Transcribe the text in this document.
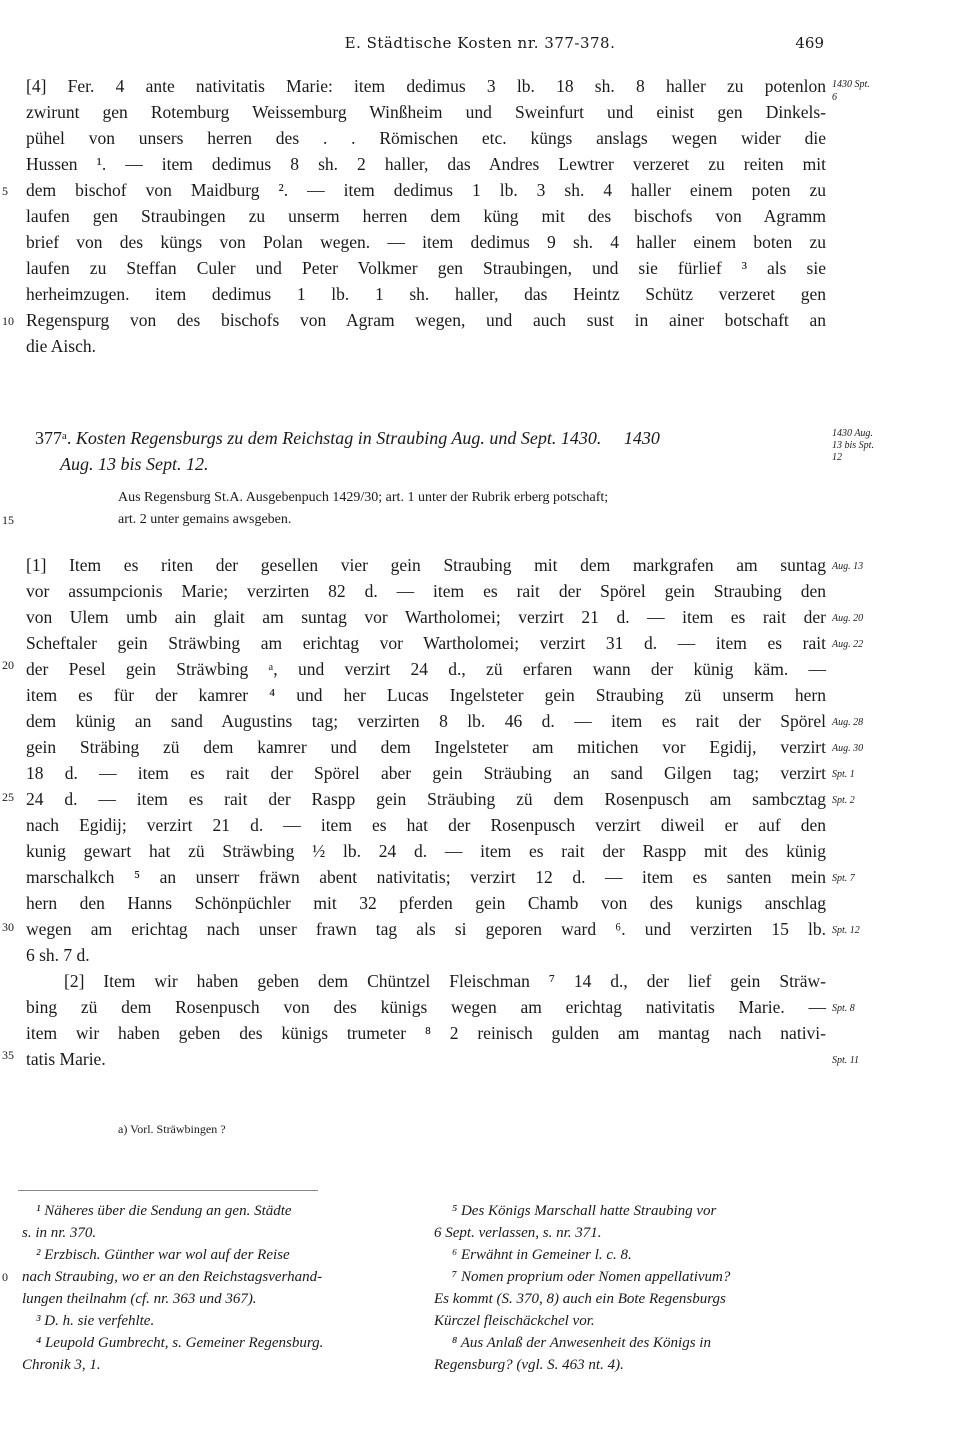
E. Städtische Kosten nr. 377-378.	469
[4] Fer. 4 ante nativitatis Marie: item dedimus 3 lb. 18 sh. 8 haller zu potenlon
zwirunt gen Rotemburg Weissemburg Winßheim und Sweinfurt und einist gen Dinkels-
pühel von unsers herren des . . Römischen etc. küngs anslags wegen wider die
Hussen ¹. — item dedimus 8 sh. 2 haller, das Andres Lewtrer verzeret zu reiten mit
dem bischof von Maidburg ². — item dedimus 1 lb. 3 sh. 4 haller einem poten zu
laufen gen Straubingen zu unserm herren dem küng mit des bischofs von Agramm
brief von des küngs von Polan wegen. — item dedimus 9 sh. 4 haller einem boten zu
laufen zu Steffan Culer und Peter Volkmer gen Straubingen, und sie fürlief ³ als sie
herheimzugen. item dedimus 1 lb. 1 sh. haller, das Heintz Schütz verzeret gen
Regenspurg von des bischofs von Agram wegen, und auch sust in ainer botschaft an
die Aisch.
1430 Spt. 6
5
10
15
20
25
30
35
0
377ᵃ. Kosten Regensburgs zu dem Reichstag in Straubing Aug. und Sept. 1430. 1430
Aug. 13 bis Sept. 12.
1430 Aug. 13 bis Spt. 12
Aus Regensburg St.A. Ausgebenpuch 1429/30; art. 1 unter der Rubrik erberg potschaft;
art. 2 unter gemains awsgeben.
[1] Item es riten der gesellen vier gein Straubing mit dem markgrafen am suntag
vor assumpcionis Marie; verzirten 82 d. — item es rait der Spörel gein Straubing den
von Ulem umb ain glait am suntag vor Wartholomei; verzirt 21 d. — item es rait der
Scheftaler gein Sträwbing am erichtag vor Wartholomei; verzirt 31 d. — item es rait
der Pesel gein Sträwbing ᵃ, und verzirt 24 d., zü erfaren wann der künig käm. —
item es für der kamrer ⁴ und her Lucas Ingelsteter gein Straubing zü unserm hern
dem künig an sand Augustins tag; verzirten 8 lb. 46 d. — item es rait der Spörel
gein Sträbing zü dem kamrer und dem Ingelsteter am mitichen vor Egidij, verzirt
18 d. — item es rait der Spörel aber gein Sträubing an sand Gilgen tag; verzirt
24 d. — item es rait der Raspp gein Sträubing zü dem Rosenpusch am sambcztag
nach Egidij; verzirt 21 d. — item es hat der Rosenpusch verzirt diweil er auf den
kunig gewart hat zü Sträwbing ½ lb. 24 d. — item es rait der Raspp mit des künig
marschalkch ⁵ an unserr fräwn abent nativitatis; verzirt 12 d. — item es santen mein
hern den Hanns Schönpüchler mit 32 pferden gein Chamb von des kunigs anschlag
wegen am erichtag nach unser frawn tag als si geporen ward ⁶. und verzirten 15 lb.
6 sh. 7 d.
[2] Item wir haben geben dem Chüntzel Fleischman ⁷ 14 d., der lief gein Sträw-
bing zü dem Rosenpusch von des künigs wegen am erichtag nativitatis Marie. —
item wir haben geben des künigs trumeter ⁸ 2 reinisch gulden am mantag nach nativi-
tatis Marie.
Aug. 13
Aug. 20
Aug. 22
Aug. 28
Aug. 30
Spt. 1
Spt. 2
Spt. 7
Spt. 12
Spt. 8
Spt. 11
a) Vorl. Sträwbingen ?
¹ Näheres über die Sendung an gen. Städte
s. in nr. 370.
² Erzbisch. Günther war wol auf der Reise
nach Straubing, wo er an den Reichstagsverhand-
lungen theilnahm (cf. nr. 363 und 367).
³ D. h. sie verfehlte.
⁴ Leupold Gumbrecht, s. Gemeiner Regensburg.
Chronik 3, 1.
⁵ Des Königs Marschall hatte Straubing vor
6 Sept. verlassen, s. nr. 371.
⁶ Erwähnt in Gemeiner l. c. 8.
⁷ Nomen proprium oder Nomen appellativum?
Es kommt (S. 370, 8) auch ein Bote Regensburgs
Kürczel fleischäckchel vor.
⁸ Aus Anlaß der Anwesenheit des Königs in
Regensburg? (vgl. S. 463 nt. 4).
